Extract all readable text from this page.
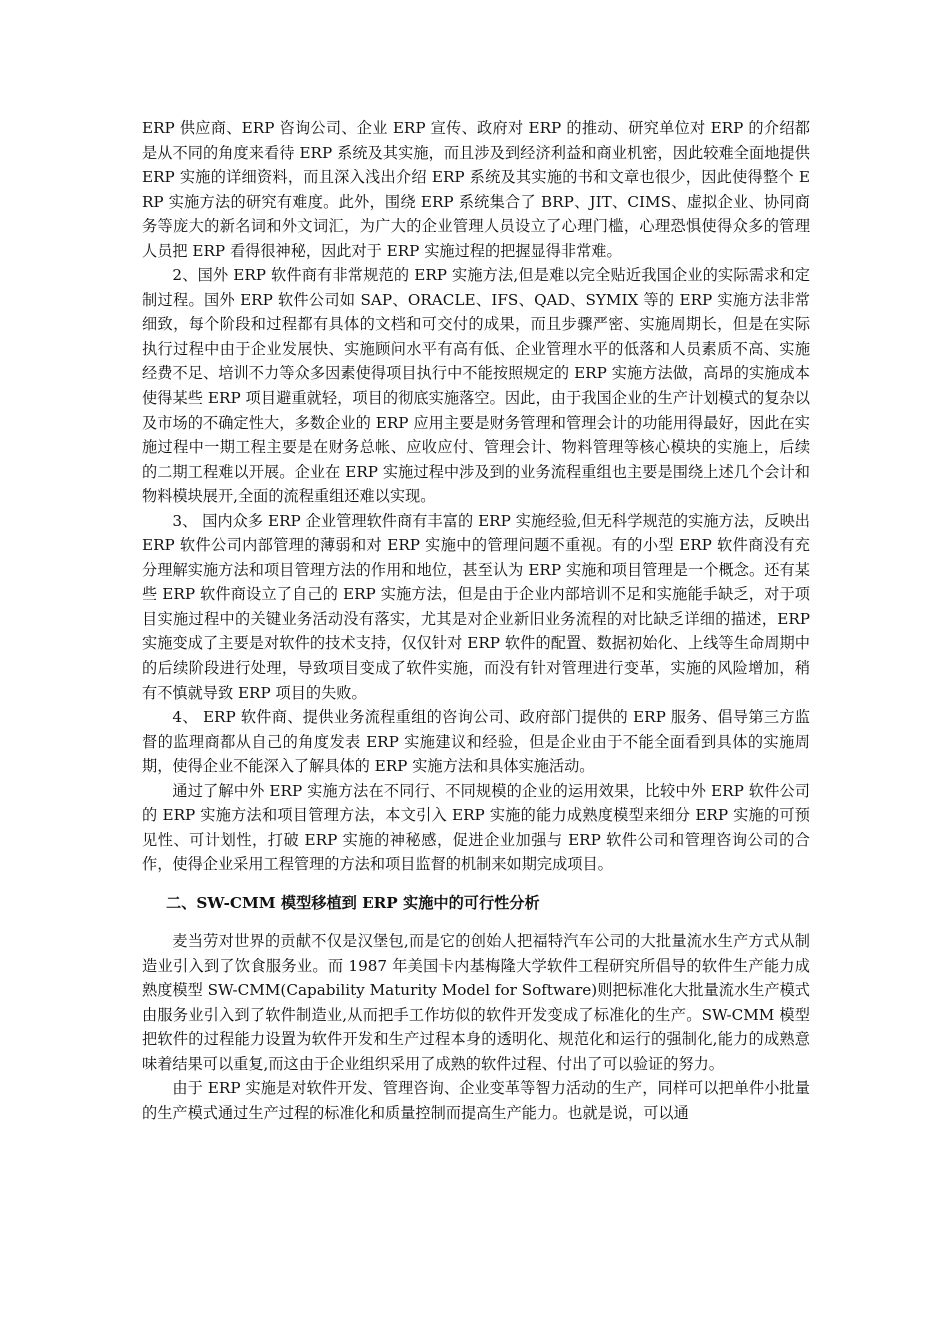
ERP 供应商、ERP 咨询公司、企业 ERP 宣传、政府对 ERP 的推动、研究单位对 ERP 的介绍都是从不同的角度来看待 ERP 系统及其实施，而且涉及到经济利益和商业机密，因此较难全面地提供 ERP 实施的详细资料，而且深入浅出介绍 ERP 系统及其实施的书和文章也很少，因此使得整个 ERP 实施方法的研究有难度。此外，围绕 ERP 系统集合了 BRP、JIT、CIMS、虚拟企业、协同商务等庞大的新名词和外文词汇，为广大的企业管理人员设立了心理门槛，心理恐惧使得众多的管理人员把 ERP 看得很神秘，因此对于 ERP 实施过程的把握显得非常难。

2、国外 ERP 软件商有非常规范的 ERP 实施方法,但是难以完全贴近我国企业的实际需求和定制过程。国外 ERP 软件公司如 SAP、ORACLE、IFS、QAD、SYMIX 等的 ERP 实施方法非常细致，每个阶段和过程都有具体的文档和可交付的成果，而且步骤严密、实施周期长，但是在实际执行过程中由于企业发展快、实施顾问水平有高有低、企业管理水平的低落和人员素质不高、实施经费不足、培训不力等众多因素使得项目执行中不能按照规定的 ERP 实施方法做，高昂的实施成本使得某些 ERP 项目避重就轻，项目的彻底实施落空。因此，由于我国企业的生产计划模式的复杂以及市场的不确定性大，多数企业的 ERP 应用主要是财务管理和管理会计的功能用得最好，因此在实施过程中一期工程主要是在财务总帐、应收应付、管理会计、物料管理等核心模块的实施上，后续的二期工程难以开展。企业在 ERP 实施过程中涉及到的业务流程重组也主要是围绕上述几个会计和物料模块展开,全面的流程重组还难以实现。

3、 国内众多 ERP 企业管理软件商有丰富的 ERP 实施经验,但无科学规范的实施方法，反映出 ERP 软件公司内部管理的薄弱和对 ERP 实施中的管理问题不重视。有的小型 ERP 软件商没有充分理解实施方法和项目管理方法的作用和地位，甚至认为 ERP 实施和项目管理是一个概念。还有某些 ERP 软件商设立了自己的 ERP 实施方法，但是由于企业内部培训不足和实施能手缺乏，对于项目实施过程中的关键业务活动没有落实，尤其是对企业新旧业务流程的对比缺乏详细的描述，ERP 实施变成了主要是对软件的技术支持，仅仅针对 ERP 软件的配置、数据初始化、上线等生命周期中的后续阶段进行处理，导致项目变成了软件实施，而没有针对管理进行变革，实施的风险增加，稍有不慎就导致 ERP 项目的失败。

4、 ERP 软件商、提供业务流程重组的咨询公司、政府部门提供的 ERP 服务、倡导第三方监督的监理商都从自己的角度发表 ERP 实施建议和经验，但是企业由于不能全面看到具体的实施周期，使得企业不能深入了解具体的 ERP 实施方法和具体实施活动。

通过了解中外 ERP 实施方法在不同行、不同规模的企业的运用效果，比较中外 ERP 软件公司的 ERP 实施方法和项目管理方法，本文引入 ERP 实施的能力成熟度模型来细分 ERP 实施的可预见性、可计划性，打破 ERP 实施的神秘感，促进企业加强与 ERP 软件公司和管理咨询公司的合作，使得企业采用工程管理的方法和项目监督的机制来如期完成项目。

二、SW-CMM 模型移植到 ERP 实施中的可行性分析

麦当劳对世界的贡献不仅是汉堡包,而是它的创始人把福特汽车公司的大批量流水生产方式从制造业引入到了饮食服务业。而 1987 年美国卡内基梅隆大学软件工程研究所倡导的软件生产能力成熟度模型 SW-CMM(Capability Maturity Model for Software)则把标准化大批量流水生产模式由服务业引入到了软件制造业,从而把手工作坊似的软件开发变成了标准化的生产。SW-CMM 模型把软件的过程能力设置为软件开发和生产过程本身的透明化、规范化和运行的强制化,能力的成熟意味着结果可以重复,而这由于企业组织采用了成熟的软件过程、付出了可以验证的努力。

由于 ERP 实施是对软件开发、管理咨询、企业变革等智力活动的生产，同样可以把单件小批量的生产模式通过生产过程的标准化和质量控制而提高生产能力。也就是说，可以通
